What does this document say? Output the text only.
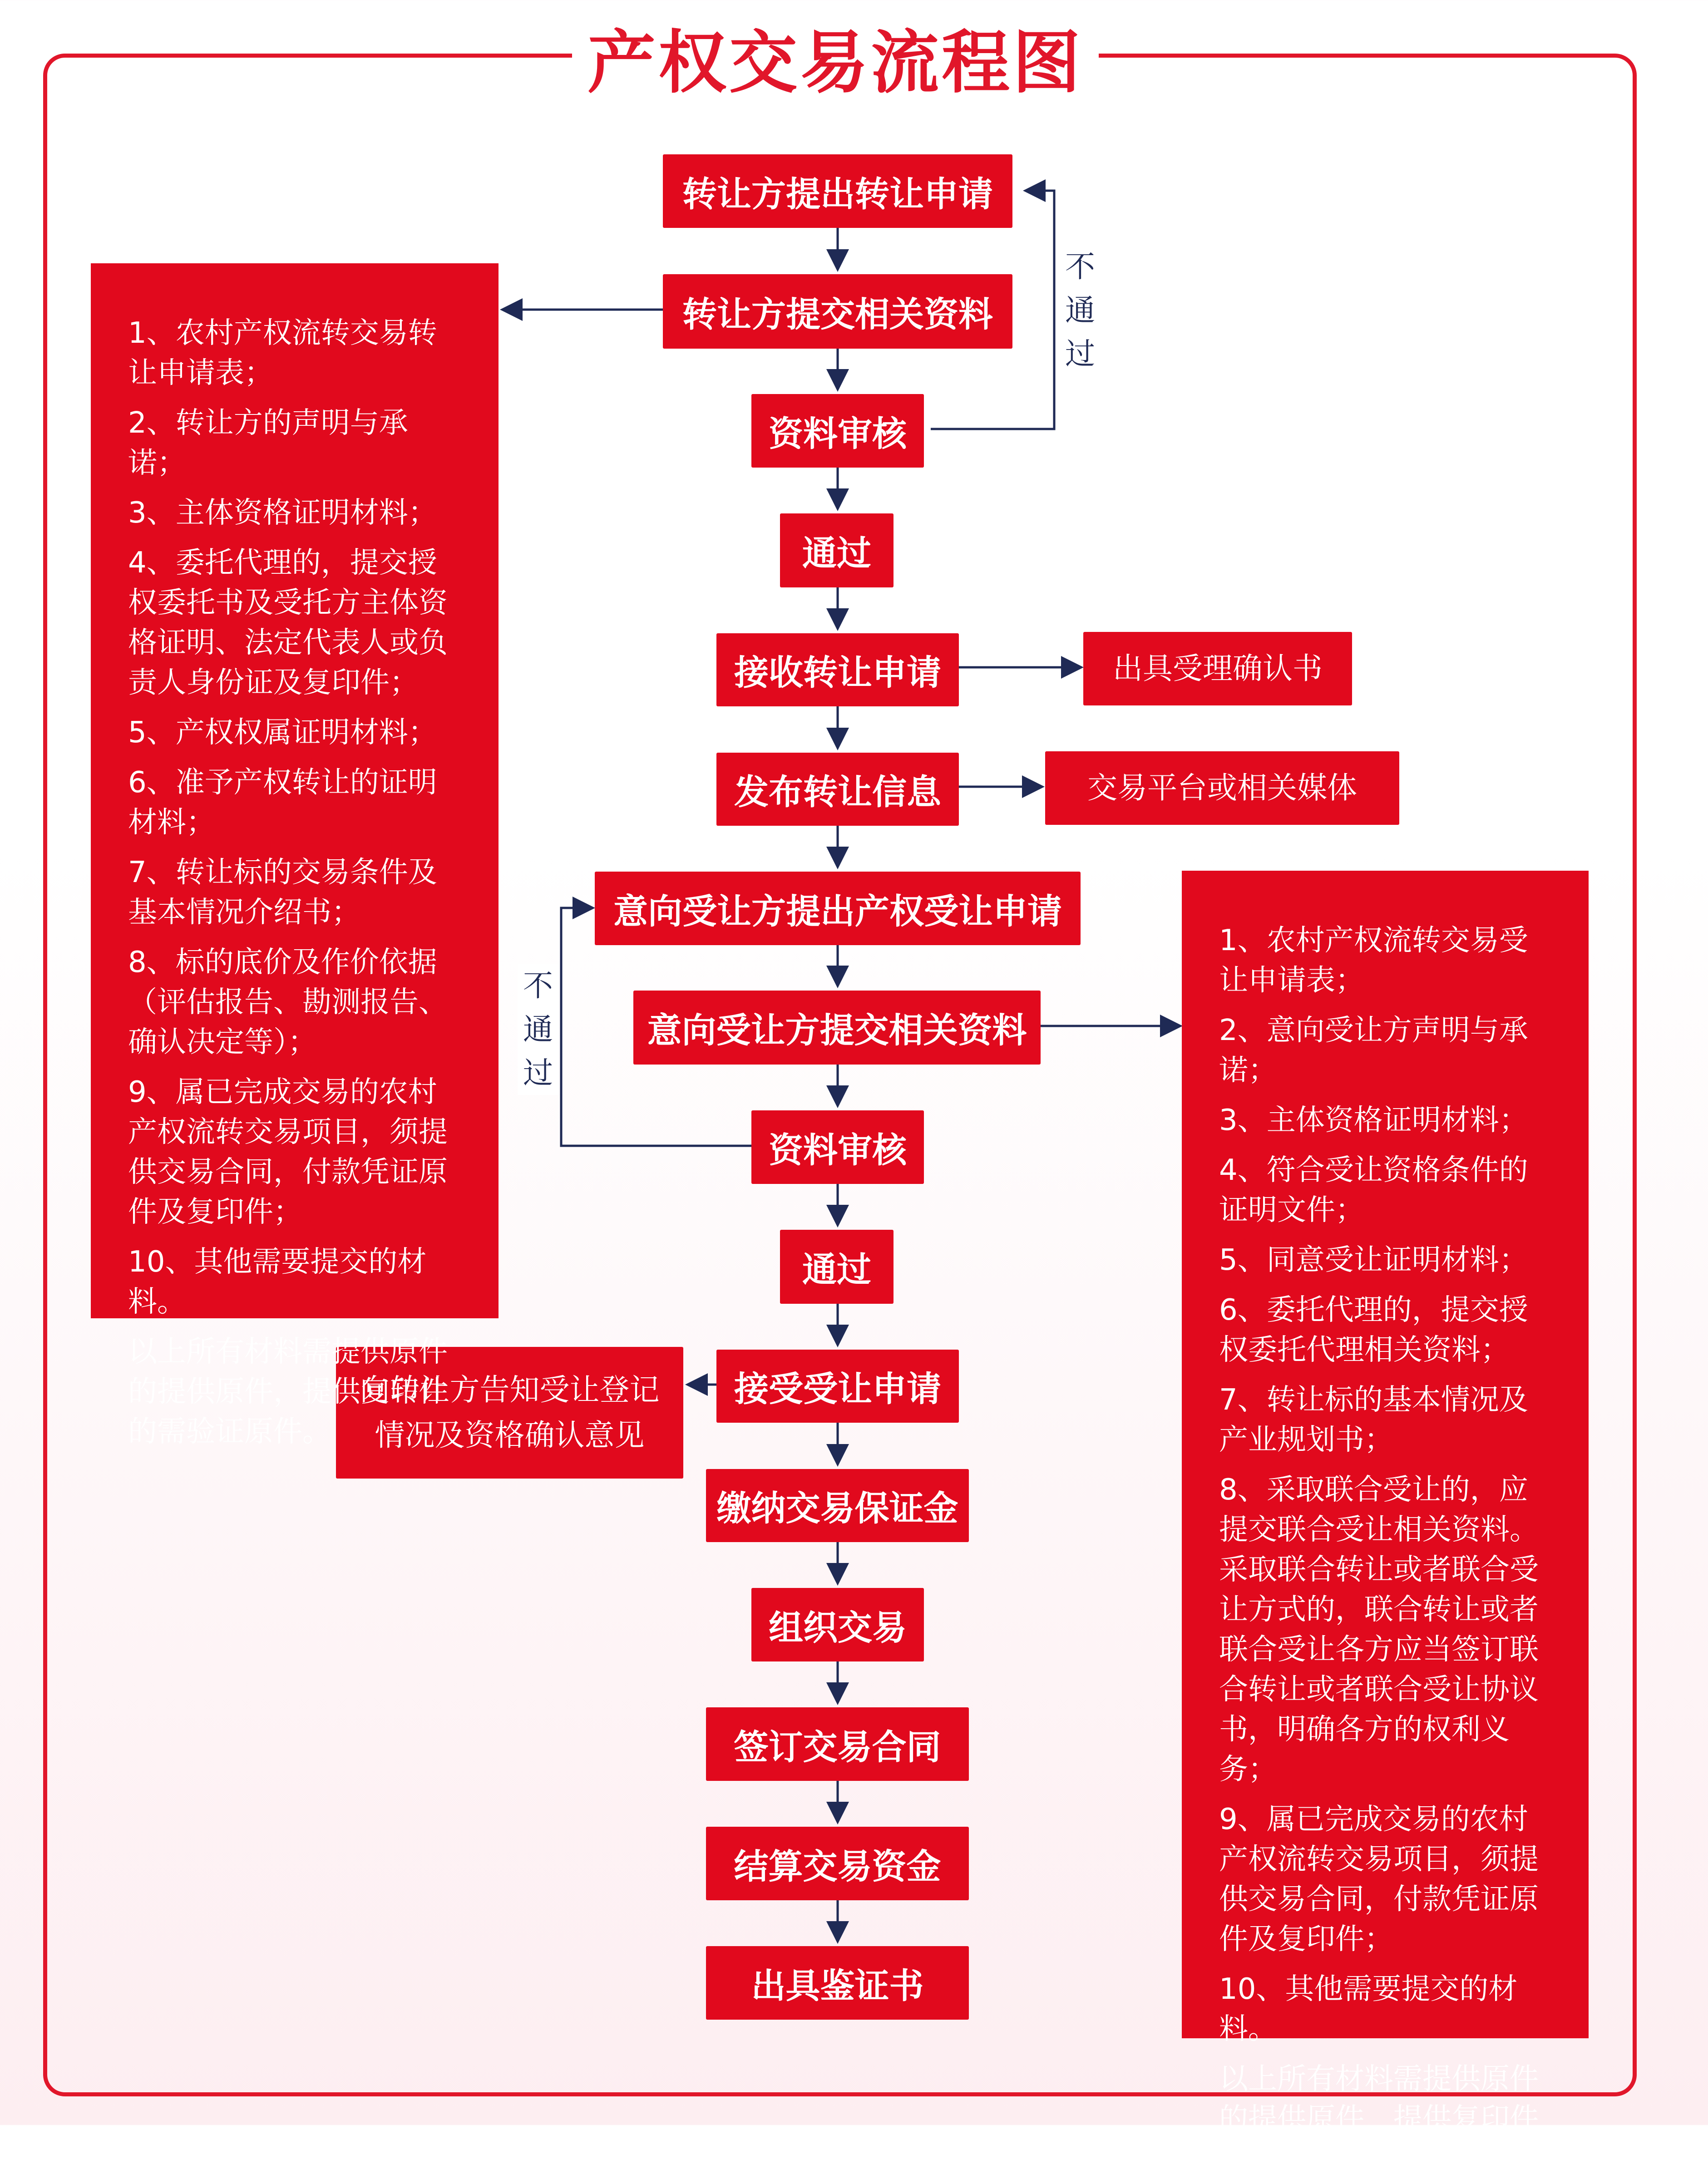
产权交易流程图
转让方提出转让申请
转让方提交相关资料
资料审核
通过
接收转让申请
发布转让信息
意向受让方提出产权受让申请
意向受让方提交相关资料
资料审核
通过
接受受让申请
缴纳交易保证金
组织交易
签订交易合同
结算交易资金
出具鉴证书
出具受理确认书
交易平台或相关媒体
向转让方告知受让登记情况及资格确认意见
不通过
不通过
1、农村产权流转交易转让申请表；
2、转让方的声明与承诺；
3、主体资格证明材料；
4、委托代理的，提交授权委托书及受托方主体资格证明、法定代表人或负责人身份证及复印件；
5、产权权属证明材料；
6、准予产权转让的证明材料；
7、转让标的交易条件及基本情况介绍书；
8、标的底价及作价依据（评估报告、勘测报告、确认决定等）；
9、属已完成交易的农村产权流转交易项目，须提供交易合同，付款凭证原件及复印件；
10、其他需要提交的材料。
以上所有材料需提供原件的提供原件，提供复印件的需验证原件。
1、农村产权流转交易受让申请表；
2、意向受让方声明与承诺；
3、主体资格证明材料；
4、符合受让资格条件的证明文件；
5、同意受让证明材料；
6、委托代理的，提交授权委托代理相关资料；
7、转让标的基本情况及产业规划书；
8、采取联合受让的，应提交联合受让相关资料。采取联合转让或者联合受让方式的，联合转让或者联合受让各方应当签订联合转让或者联合受让协议书，明确各方的权利义务；
9、属已完成交易的农村产权流转交易项目，须提供交易合同，付款凭证原件及复印件；
10、其他需要提交的材料。
以上所有材料需提供原件的提供原件，提供复印件的需验证原件。
